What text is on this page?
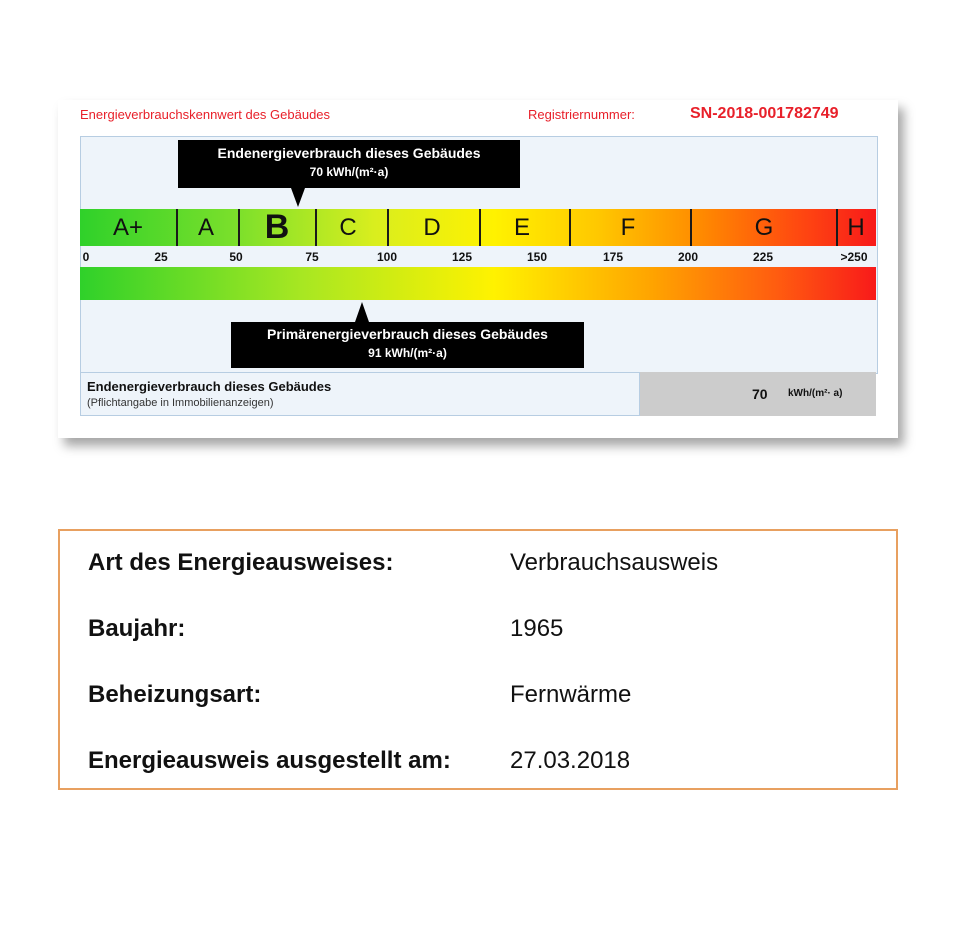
Energieverbrauchskennwert des Gebäudes	Registriernummer:	SN-2018-001782749
A+ A B C	D	E	F	G	H
0	25	50	75	100	125	150	175	200	225	>250
Endenergieverbrauch dieses Gebäudes
70 kWh/(m²·a)
Primärenergieverbrauch dieses Gebäudes
91 kWh/(m²·a)
Endenergieverbrauch dieses Gebäudes
(Pflichtangabe in Immobilienanzeigen)
70 kWh/(m²· a)
Art des Energieausweises:	Verbrauchsausweis
Baujahr:	1965
Beheizungsart:	Fernwärme
Energieausweis ausgestellt am: 27.03.2018
